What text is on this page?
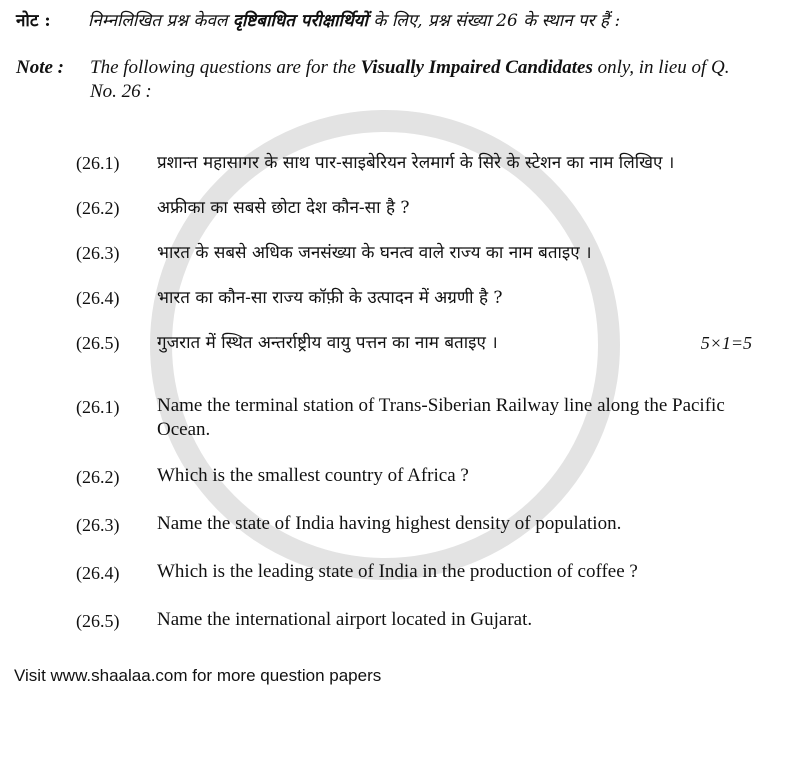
नोट :	निम्नलिखित प्रश्न केवल दृष्टिबाधित परीक्षार्थियों के लिए, प्रश्न संख्या 26 के स्थान पर हैं :
Note :	The following questions are for the Visually Impaired Candidates only, in lieu of Q. No. 26 :
(26.1)	प्रशान्त महासागर के साथ पार-साइबेरियन रेलमार्ग के सिरे के स्टेशन का नाम लिखिए ।
(26.2)	अफ्रीका का सबसे छोटा देश कौन-सा है ?
(26.3)	भारत के सबसे अधिक जनसंख्या के घनत्व वाले राज्य का नाम बताइए ।
(26.4)	भारत का कौन-सा राज्य कॉफ़ी के उत्पादन में अग्रणी है ?
(26.5)	गुजरात में स्थित अन्तर्राष्ट्रीय वायु पत्तन का नाम बताइए ।	5×1=5
(26.1)	Name the terminal station of Trans-Siberian Railway line along the Pacific Ocean.
(26.2)	Which is the smallest country of Africa ?
(26.3)	Name the state of India having highest density of population.
(26.4)	Which is the leading state of India in the production of coffee ?
(26.5)	Name the international airport located in Gujarat.
Visit www.shaalaa.com for more question papers
